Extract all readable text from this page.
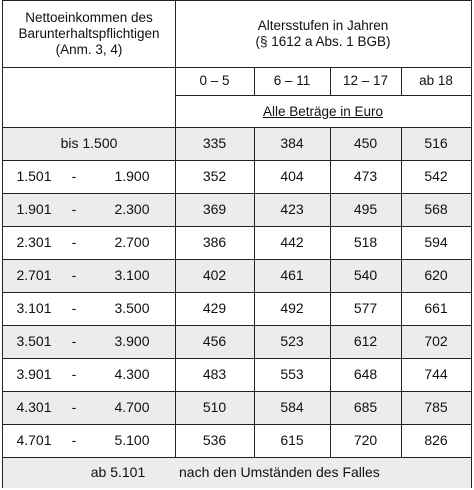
Nettoeinkommen des
Barunterhaltspflichtigen
(Anm. 3, 4)
Altersstufen in Jahren
(§ 1612 a Abs. 1 BGB)
0 – 5	6 – 11	12 – 17	ab 18
Alle Beträge in Euro
bis 1.500	335	384	450	516
1.501	-	1.900	352	404	473	542
1.901	-	2.300	369	423	495	568
2.301	-	2.700	386	442	518	594
2.701	-	3.100	402	461	540	620
3.101	-	3.500	429	492	577	661
3.501	-	3.900	456	523	612	702
3.901	-	4.300	483	553	648	744
4.301	-	4.700	510	584	685	785
4.701	-	5.100	536	615	720	826
ab 5.101	nach den Umständen des Falles
